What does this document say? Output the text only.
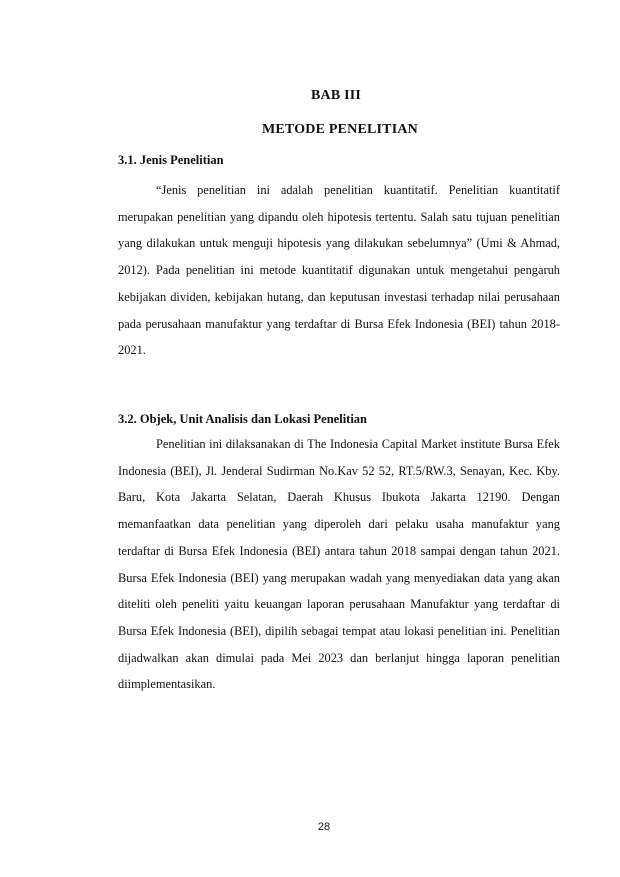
BAB III
METODE PENELITIAN
3.1. Jenis Penelitian

“Jenis penelitian ini adalah penelitian kuantitatif. Penelitian kuantitatif merupakan penelitian yang dipandu oleh hipotesis tertentu. Salah satu tujuan penelitian yang dilakukan untuk menguji hipotesis yang dilakukan sebelumnya” (Umi & Ahmad, 2012). Pada penelitian ini metode kuantitatif digunakan untuk mengetahui pengaruh kebijakan dividen, kebijakan hutang, dan keputusan investasi terhadap nilai perusahaan pada perusahaan manufaktur yang terdaftar di Bursa Efek Indonesia (BEI) tahun 2018-2021.

3.2. Objek, Unit Analisis dan Lokasi Penelitian

Penelitian ini dilaksanakan di The Indonesia Capital Market institute Bursa Efek Indonesia (BEI), Jl. Jenderal Sudirman No.Kav 52 52, RT.5/RW.3, Senayan, Kec. Kby. Baru, Kota Jakarta Selatan, Daerah Khusus Ibukota Jakarta 12190. Dengan memanfaatkan data penelitian yang diperoleh dari pelaku usaha manufaktur yang terdaftar di Bursa Efek Indonesia (BEI) antara tahun 2018 sampai dengan tahun 2021. Bursa Efek Indonesia (BEI) yang merupakan wadah yang menyediakan data yang akan diteliti oleh peneliti yaitu keuangan laporan perusahaan Manufaktur yang terdaftar di Bursa Efek Indonesia (BEI), dipilih sebagai tempat atau lokasi penelitian ini. Penelitian dijadwalkan akan dimulai pada Mei 2023 dan berlanjut hingga laporan penelitian diimplementasikan.

28
